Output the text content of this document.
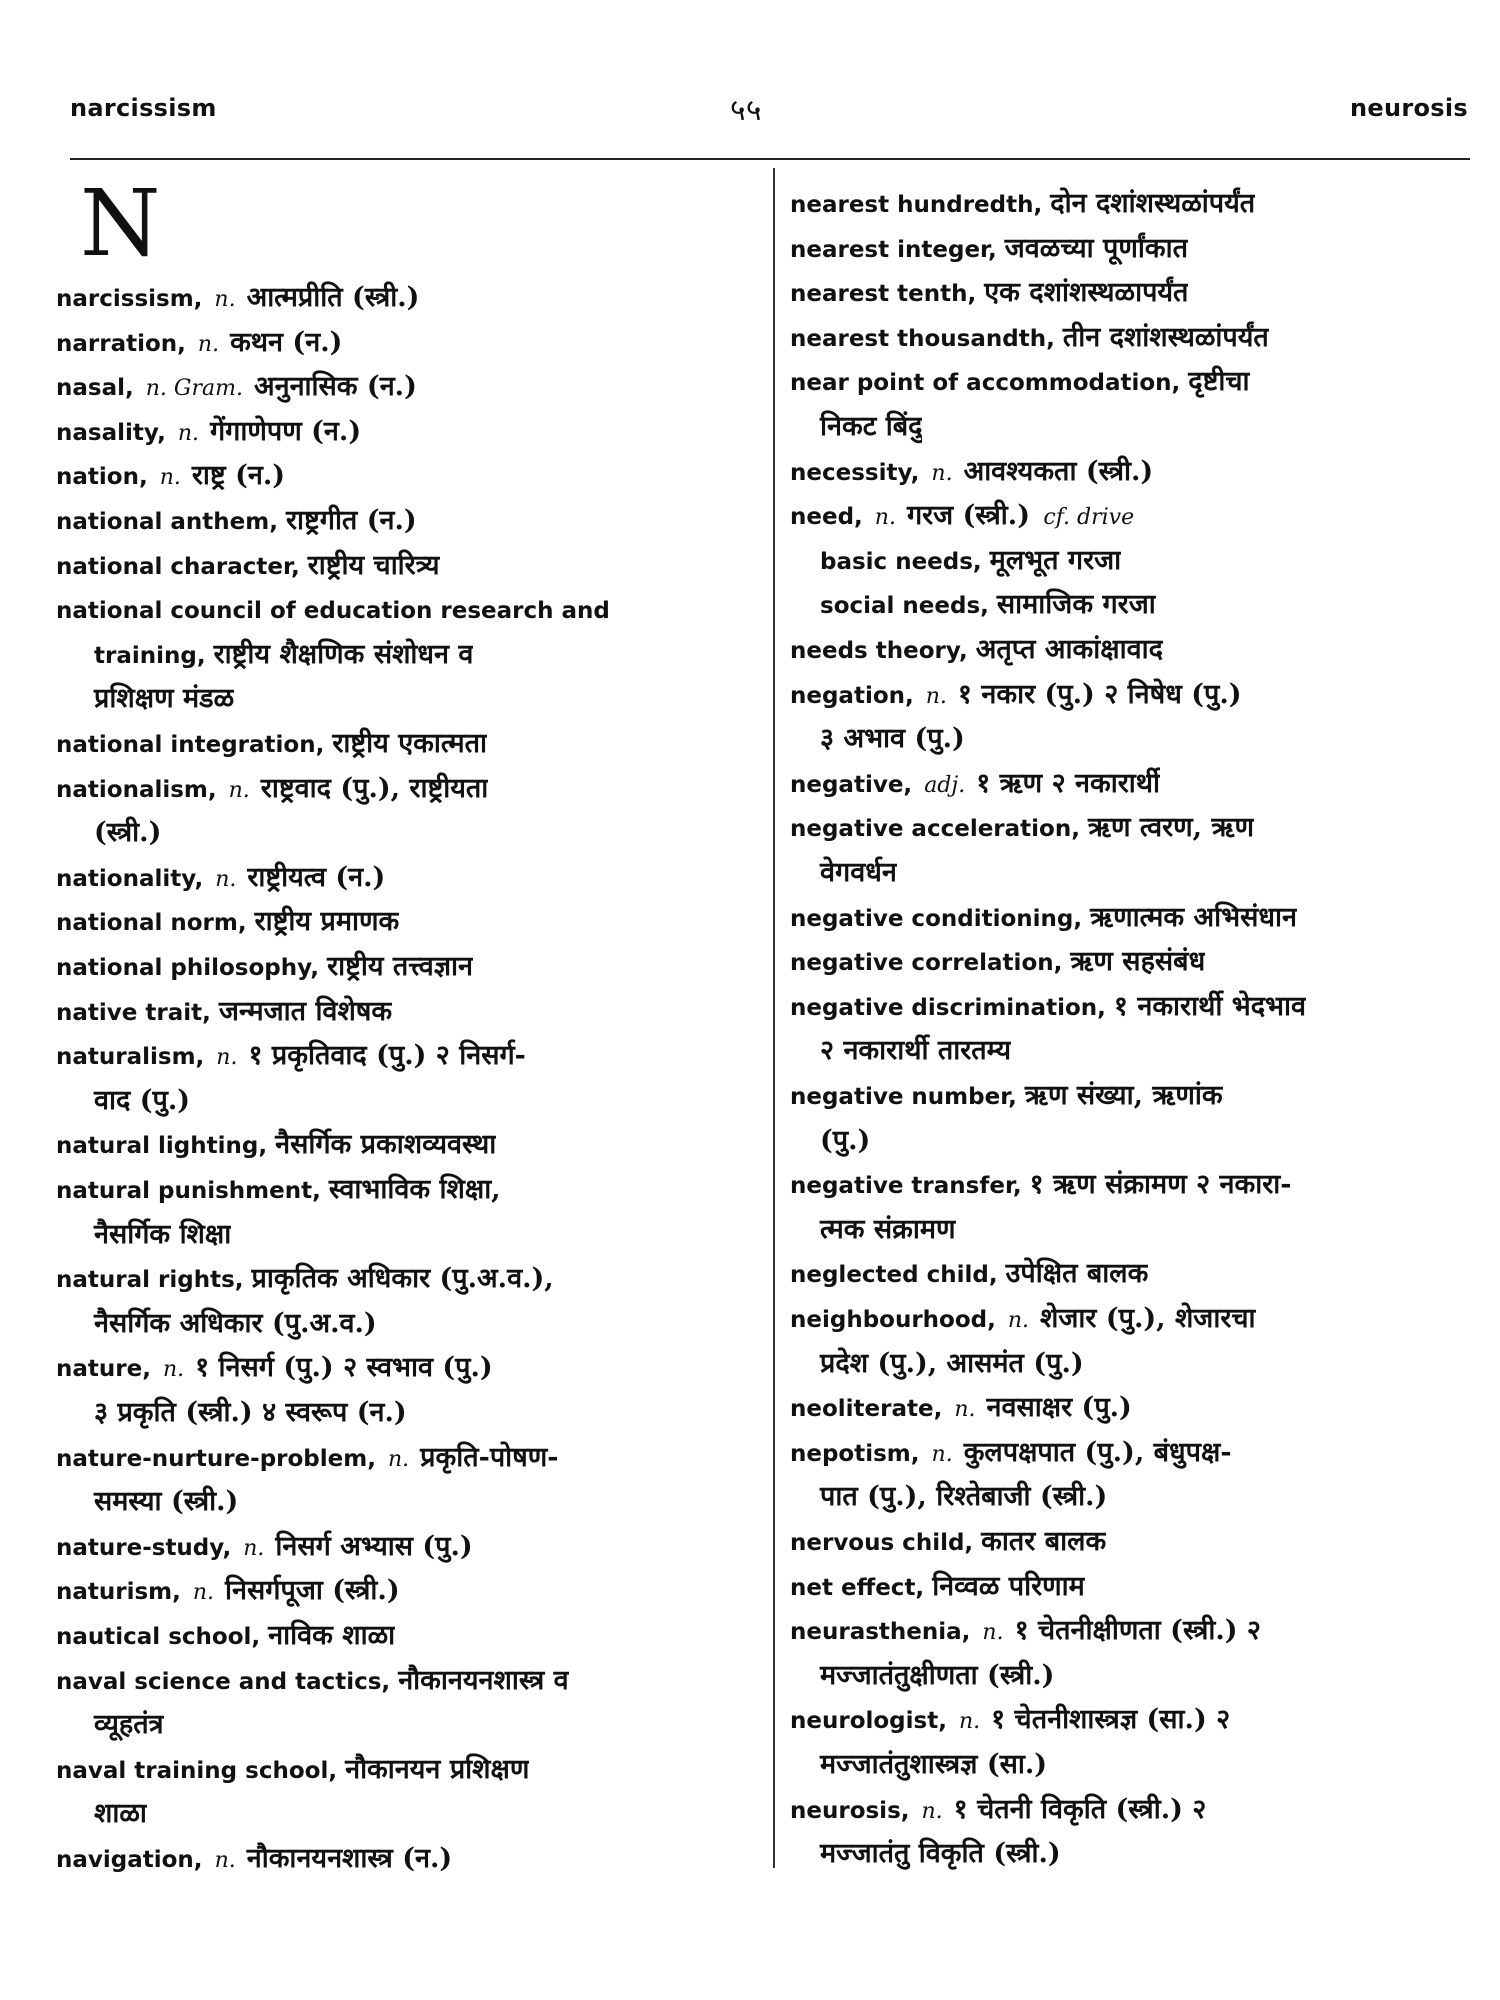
narcissism	५५	neurosis
N
narcissism, n. आत्मप्रीति (स्त्री.)
narration, n. कथन (न.)
nasal, n. Gram. अनुनासिक (न.)
nasality, n. गेंगाणेपण (न.)
nation, n. राष्ट्र (न.)
national anthem, राष्ट्रगीत (न.)
national character, राष्ट्रीय चारित्र्य
national council of education research and
training, राष्ट्रीय शैक्षणिक संशोधन व
प्रशिक्षण मंडळ
national integration, राष्ट्रीय एकात्मता
nationalism, n. राष्ट्रवाद (पु.), राष्ट्रीयता
(स्त्री.)
nationality, n. राष्ट्रीयत्व (न.)
national norm, राष्ट्रीय प्रमाणक
national philosophy, राष्ट्रीय तत्त्वज्ञान
native trait, जन्मजात विशेषक
naturalism, n. १ प्रकृतिवाद (पु.) २ निसर्ग-
वाद (पु.)
natural lighting, नैसर्गिक प्रकाशव्यवस्था
natural punishment, स्वाभाविक शिक्षा,
नैसर्गिक शिक्षा
natural rights, प्राकृतिक अधिकार (पु.अ.व.),
नैसर्गिक अधिकार (पु.अ.व.)
nature, n. १ निसर्ग (पु.) २ स्वभाव (पु.)
३ प्रकृति (स्त्री.) ४ स्वरूप (न.)
nature-nurture-problem, n. प्रकृति-पोषण-
समस्या (स्त्री.)
nature-study, n. निसर्ग अभ्यास (पु.)
naturism, n. निसर्गपूजा (स्त्री.)
nautical school, नाविक शाळा
naval science and tactics, नौकानयनशास्त्र व
व्यूहतंत्र
naval training school, नौकानयन प्रशिक्षण
शाळा
navigation, n. नौकानयनशास्त्र (न.)
nearest hundredth, दोन दशांशस्थळांपर्यंत
nearest integer, जवळच्या पूर्णांकात
nearest tenth, एक दशांशस्थळापर्यंत
nearest thousandth, तीन दशांशस्थळांपर्यंत
near point of accommodation, दृष्टीचा
निकट बिंदु
necessity, n. आवश्यकता (स्त्री.)
need, n. गरज (स्त्री.) cf. drive
basic needs, मूलभूत गरजा
social needs, सामाजिक गरजा
needs theory, अतृप्त आकांक्षावाद
negation, n. १ नकार (पु.) २ निषेध (पु.)
३ अभाव (पु.)
negative, adj. १ ऋण २ नकारार्थी
negative acceleration, ऋण त्वरण, ऋण
वेगवर्धन
negative conditioning, ऋणात्मक अभिसंधान
negative correlation, ऋण सहसंबंध
negative discrimination, १ नकारार्थी भेदभाव
२ नकारार्थी तारतम्य
negative number, ऋण संख्या, ऋणांक
(पु.)
negative transfer, १ ऋण संक्रामण २ नकारा-
त्मक संक्रामण
neglected child, उपेक्षित बालक
neighbourhood, n. शेजार (पु.), शेजारचा
प्रदेश (पु.), आसमंत (पु.)
neoliterate, n. नवसाक्षर (पु.)
nepotism, n. कुलपक्षपात (पु.), बंधुपक्ष-
पात (पु.), रिश्तेबाजी (स्त्री.)
nervous child, कातर बालक
net effect, निव्वळ परिणाम
neurasthenia, n. १ चेतनीक्षीणता (स्त्री.) २
मज्जातंतुक्षीणता (स्त्री.)
neurologist, n. १ चेतनीशास्त्रज्ञ (सा.) २
मज्जातंतुशास्त्रज्ञ (सा.)
neurosis, n. १ चेतनी विकृति (स्त्री.) २
मज्जातंतु विकृति (स्त्री.)
